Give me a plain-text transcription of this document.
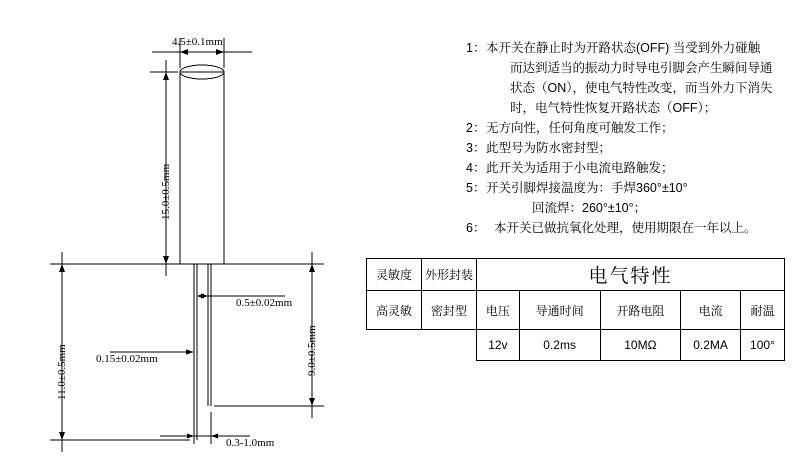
4.5±0.1mm
15.0±0.5mm
11.0±0.5mm	9.0±0.5mm
0.5±0.02mm
0.15±0.02mm
0.3-1.0mm
1： 本开关在静止时为开路状态(OFF) 当受到外力碰触
而达到适当的振动力时导电引脚会产生瞬间导通
状态（ON），使电气特性改变，而当外力下消失
时，电气特性恢复开路状态（OFF）；
2： 无方向性，任何角度可触发工作；
3： 此型号为防水密封型；
4： 此开关为适用于小电流电路触发；
5： 开关引脚焊接温度为：手焊360°±10°
回流焊：260°±10°；
6： 本开关已做抗氧化处理，使用期限在一年以上。
灵敏度	外形封装	电气特性				
高灵敏	密封型	电压	导通时间	开路电阻	电流	耐温
		12v	0.2ms	10MΩ	0.2MA	100°
